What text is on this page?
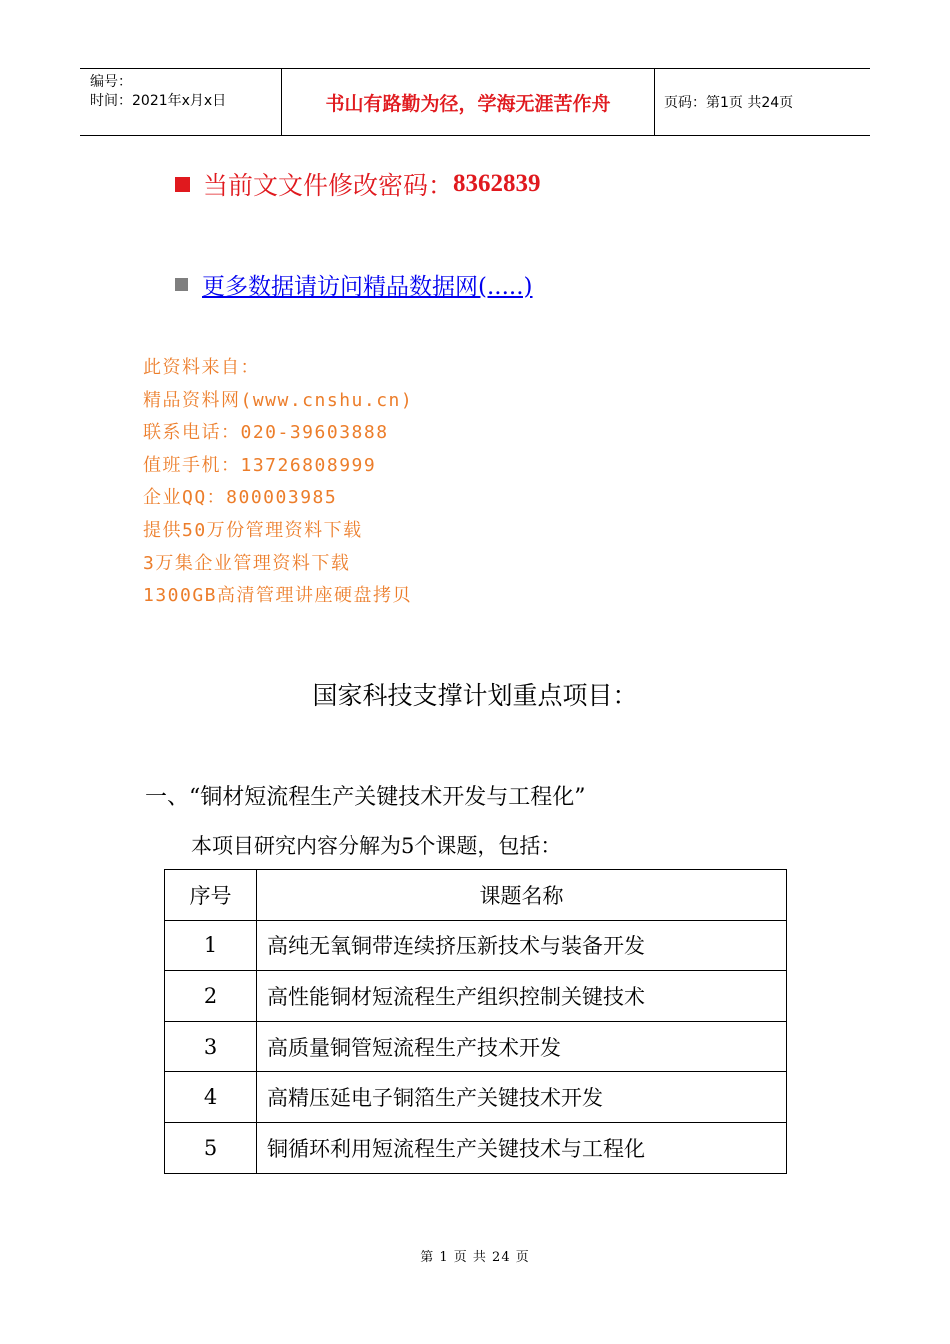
编号：
时间：2021年x月x日	书山有路勤为径，学海无涯苦作舟	页码：第1页 共24页
当前文文件修改密码： 8362839
更多数据请访问精品数据网(.....)
此资料来自：
精品资料网(www.cnshu.cn)
联系电话：020-39603888
值班手机：13726808999
企业QQ：800003985
提供50万份管理资料下载
3万集企业管理资料下载
1300GB高清管理讲座硬盘拷贝
国家科技支撑计划重点项目：
一、“铜材短流程生产关键技术开发与工程化”
本项目研究内容分解为5个课题，包括：
序号	课题名称
1	高纯无氧铜带连续挤压新技术与装备开发
2	高性能铜材短流程生产组织控制关键技术
3	高质量铜管短流程生产技术开发
4	高精压延电子铜箔生产关键技术开发
5	铜循环利用短流程生产关键技术与工程化
第 1 页 共 24 页
